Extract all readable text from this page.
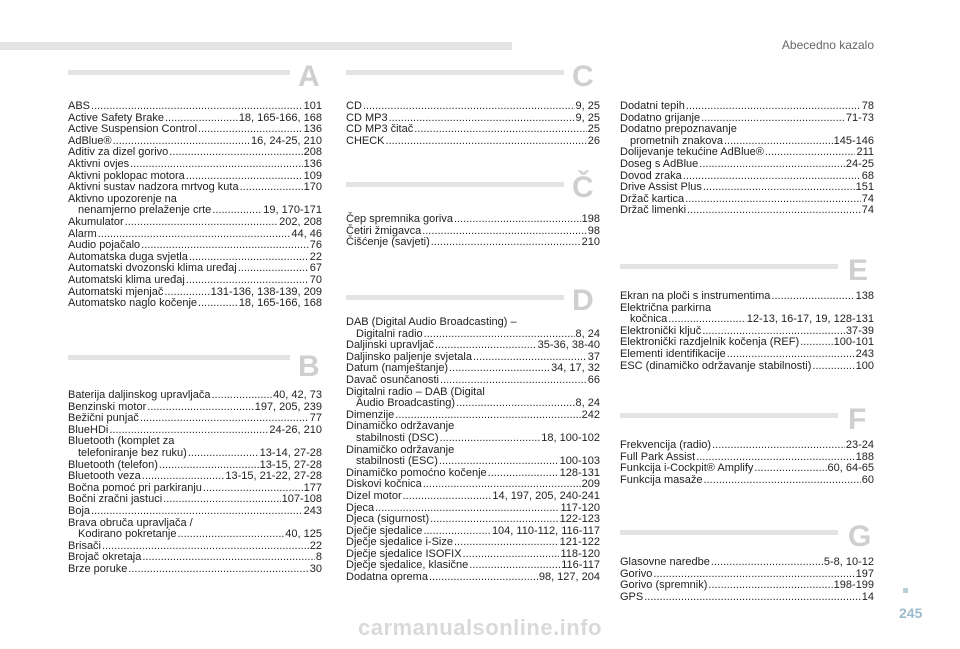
Abecedno kazalo
A
ABS .....	101
Active Safety Brake .....	18, 165-166, 168
Active Suspension Control .....	136
AdBlue® .....	16, 24-25, 210
Aditiv za dizel gorivo .....	208
Aktivni ovjes .....	136
Aktivni poklopac motora .....	109
Aktivni sustav nadzora mrtvog kuta .....	170
Aktivno upozorenje na
nenamjerno prelaženje crte .....	19, 170-171
Akumulator .....	202, 208
Alarm .....	44, 46
Audio pojačalo .....	76
Automatska duga svjetla .....	22
Automatski dvozonski klima uređaj .....	67
Automatski klima uređaj .....	70
Automatski mjenjač .....	131-136, 138-139, 209
Automatsko naglo kočenje .....	18, 165-166, 168
B
Baterija daljinskog upravljača .....	40, 42, 73
Benzinski motor .....	197, 205, 239
Bežični punjač .....	77
BlueHDi .....	24-26, 210
Bluetooth (komplet za
telefoniranje bez ruku) .....	13-14, 27-28
Bluetooth (telefon) .....	13-15, 27-28
Bluetooth veza .....	13-15, 21-22, 27-28
Bočna pomoć pri parkiranju .....	177
Bočni zračni jastuci .....	107-108
Boja .....	243
Brava obruča upravljača /
Kodirano pokretanje .....	40, 125
Brisači .....	22
Brojač okretaja .....	8
Brze poruke .....	30
C
CD .....	9, 25
CD MP3 .....	9, 25
CD MP3 čitač .....	25
CHECK .....	26
Č
Čep spremnika goriva .....	198
Četiri žmigavca .....	98
Čišćenje (savjeti) .....	210
D
DAB (Digital Audio Broadcasting) –
Digitalni radio .....	8, 24
Daljinski upravljač .....	35-36, 38-40
Daljinsko paljenje svjetala .....	37
Datum (namještanje) .....	34, 17, 32
Davač osunčanosti .....	66
Digitalni radio – DAB (Digital
Audio Broadcasting) .....	8, 24
Dimenzije .....	242
Dinamičko održavanje
stabilnosti (DSC) .....	18, 100-102
Dinamičko održavanje
stabilnosti (ESC) .....	100-103
Dinamičko pomoćno kočenje .....	128-131
Diskovi kočnica .....	209
Dizel motor .....	14, 197, 205, 240-241
Djeca .....	117-120
Djeca (sigurnost) .....	122-123
Dječje sjedalice .....	104, 110-112, 116-117
Dječje sjedalice i-Size .....	121-122
Dječje sjedalice ISOFIX .....	118-120
Dječje sjedalice, klasične .....	116-117
Dodatna oprema .....	98, 127, 204
Dodatni tepih .....	78
Dodatno grijanje .....	71-73
Dodatno prepoznavanje
prometnih znakova .....	145-146
Dolijevanje tekućine AdBlue® .....	211
Doseg s AdBlue .....	24-25
Dovod zraka .....	68
Drive Assist Plus .....	151
Držač kartica .....	74
Držač limenki .....	74
E
Ekran na ploči s instrumentima .....	138
Električna parkirna
kočnica .....	12-13, 16-17, 19, 128-131
Elektronički ključ .....	37-39
Elektronički razdjelnik kočenja (REF) .....	100-101
Elementi identifikacije .....	243
ESC (dinamičko održavanje stabilnosti) .....	100
F
Frekvencija (radio) .....	23-24
Full Park Assist .....	188
Funkcija i-Cockpit® Amplify .....	60, 64-65
Funkcija masaže .....	60
G
Glasovne naredbe .....	5-8, 10-12
Gorivo .....	197
Gorivo (spremnik) .....	198-199
GPS .....	14
245
carmanualsonline.info
